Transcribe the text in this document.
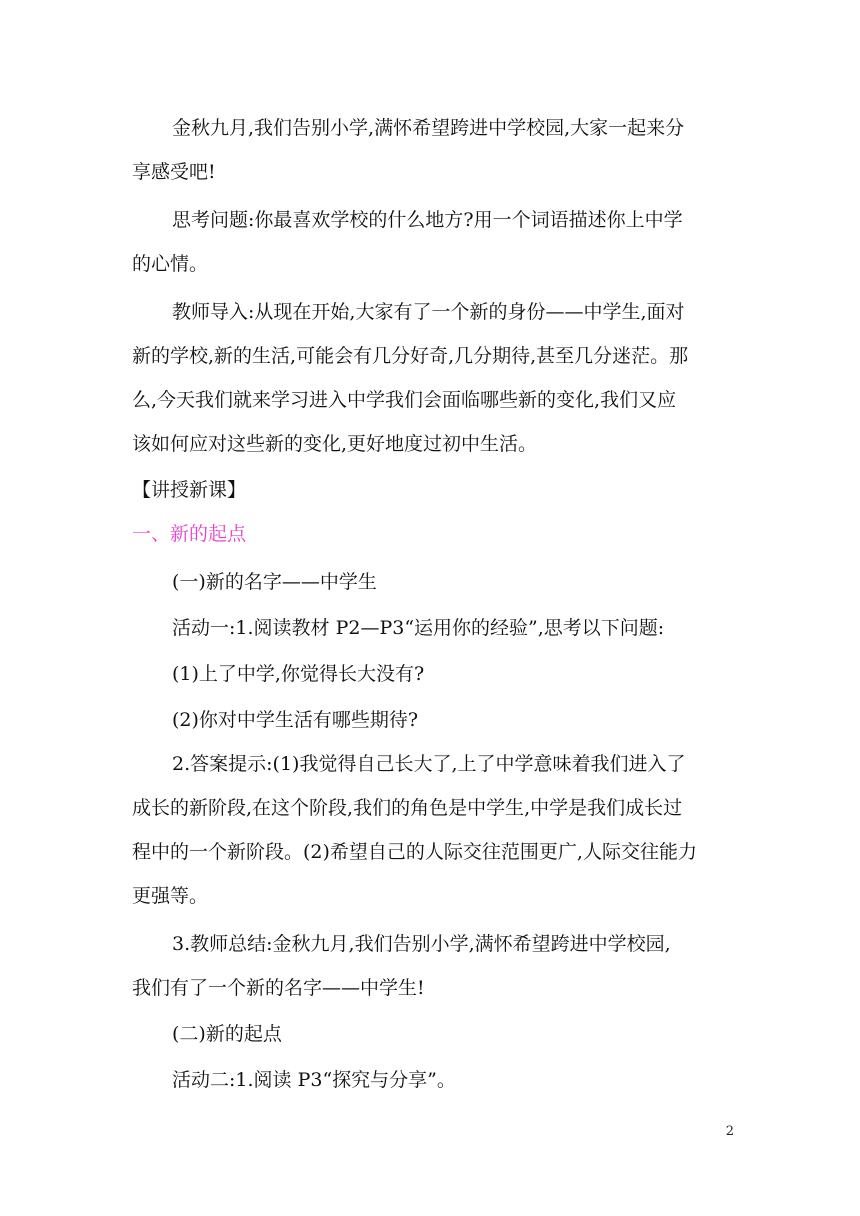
金秋九月,我们告别小学,满怀希望跨进中学校园,大家一起来分
享感受吧!
思考问题:你最喜欢学校的什么地方?用一个词语描述你上中学
的心情。
教师导入:从现在开始,大家有了一个新的身份——中学生,面对
新的学校,新的生活,可能会有几分好奇,几分期待,甚至几分迷茫。那
么,今天我们就来学习进入中学我们会面临哪些新的变化,我们又应
该如何应对这些新的变化,更好地度过初中生活。
【讲授新课】
一、新的起点
(一)新的名字——中学生
活动一:1.阅读教材 P2—P3“运用你的经验”,思考以下问题:
(1)上了中学,你觉得长大没有?
(2)你对中学生活有哪些期待?
2.答案提示:(1)我觉得自己长大了,上了中学意味着我们进入了
成长的新阶段,在这个阶段,我们的角色是中学生,中学是我们成长过
程中的一个新阶段。(2)希望自己的人际交往范围更广,人际交往能力
更强等。
3.教师总结:金秋九月,我们告别小学,满怀希望跨进中学校园,
我们有了一个新的名字——中学生!
(二)新的起点
活动二:1.阅读 P3“探究与分享”。
2
